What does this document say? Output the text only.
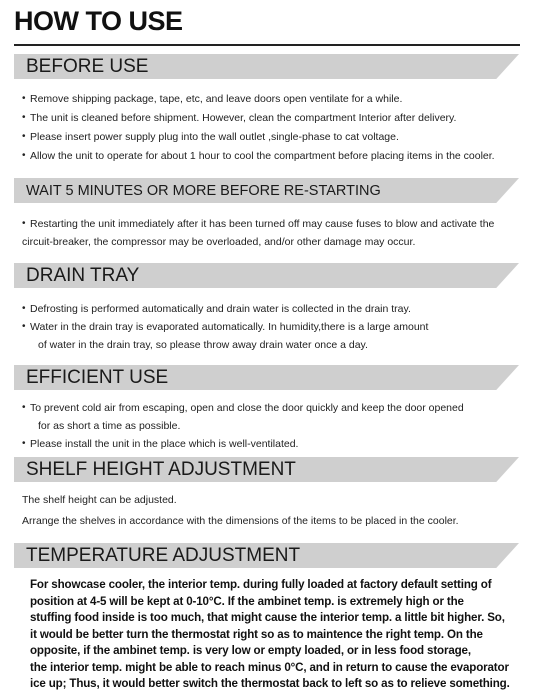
HOW TO USE
BEFORE USE
• Remove shipping package, tape, etc, and leave doors open ventilate for a while.
• The unit is cleaned before shipment. However, clean the compartment Interior after delivery.
• Please insert power supply plug into the wall outlet ,single-phase to cat voltage.
• Allow the unit to operate for about 1 hour to cool the compartment before placing items in the cooler.
WAIT 5 MINUTES OR MORE BEFORE RE-STARTING
• Restarting the unit immediately after it has been turned off may cause fuses to blow and activate the
circuit-breaker, the compressor may be overloaded, and/or other damage may occur.
DRAIN TRAY
• Defrosting is performed automatically and drain water is collected in the drain tray.
• Water in the drain tray is evaporated automatically. In humidity,there is a large amount
of water in the drain tray, so please throw away drain water once a day.
EFFICIENT USE
• To prevent cold air from escaping, open and close the door quickly and keep the door opened
for as short a time as possible.
• Please install the unit in the place which is well-ventilated.
SHELF HEIGHT ADJUSTMENT
The shelf height can be adjusted.
Arrange the shelves in accordance with the dimensions of the items to be placed in the cooler.
TEMPERATURE ADJUSTMENT
For showcase cooler, the interior temp. during fully loaded at factory default setting of
position at 4-5 will be kept at 0-10°C. If the ambinet temp. is extremely high or the
stuffing food inside is too much, that might cause the interior temp. a little bit higher. So,
it would be better turn the thermostat right so as to maintence the right temp. On the
opposite, if the ambinet temp. is very low or empty loaded, or in less food storage,
the interior temp. might be able to reach minus 0°C, and in return to cause the evaporator
ice up; Thus, it would better switch the thermostat back to left so as to relieve something.
